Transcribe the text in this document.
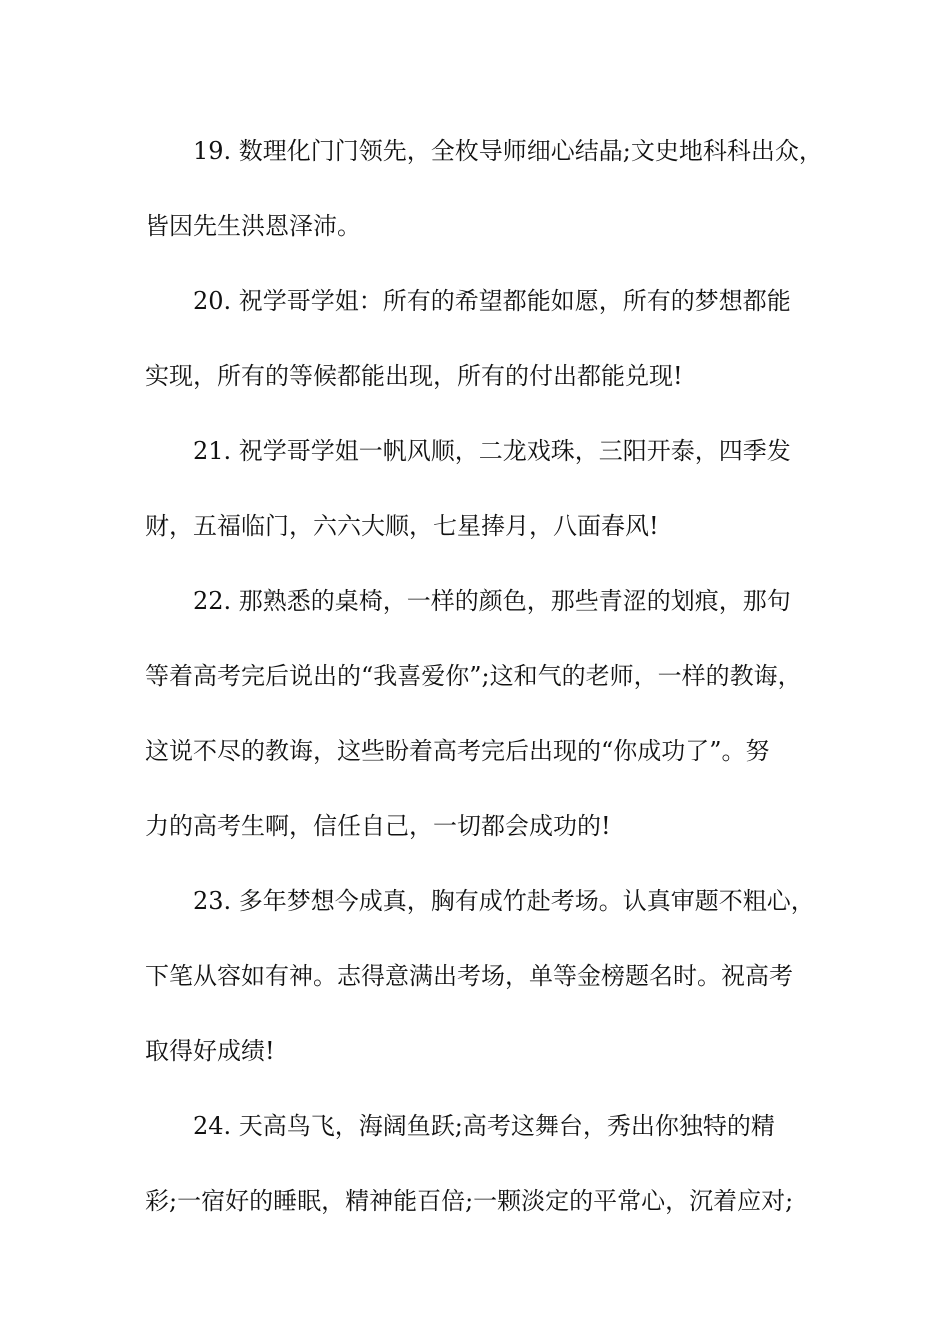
19. 数理化门门领先，全枚导师细心结晶;文史地科科出众，
皆因先生洪恩泽沛。
20. 祝学哥学姐：所有的希望都能如愿，所有的梦想都能
实现，所有的等候都能出现，所有的付出都能兑现!
21. 祝学哥学姐一帆风顺，二龙戏珠，三阳开泰，四季发
财，五福临门，六六大顺，七星捧月，八面春风!
22. 那熟悉的桌椅，一样的颜色，那些青涩的划痕，那句
等着高考完后说出的“我喜爱你”;这和气的老师，一样的教诲，
这说不尽的教诲，这些盼着高考完后出现的“你成功了”。努
力的高考生啊，信任自己，一切都会成功的!
23. 多年梦想今成真，胸有成竹赴考场。认真审题不粗心，
下笔从容如有神。志得意满出考场，单等金榜题名时。祝高考
取得好成绩!
24. 天高鸟飞，海阔鱼跃;高考这舞台，秀出你独特的精
彩;一宿好的睡眠，精神能百倍;一颗淡定的平常心，沉着应对;
